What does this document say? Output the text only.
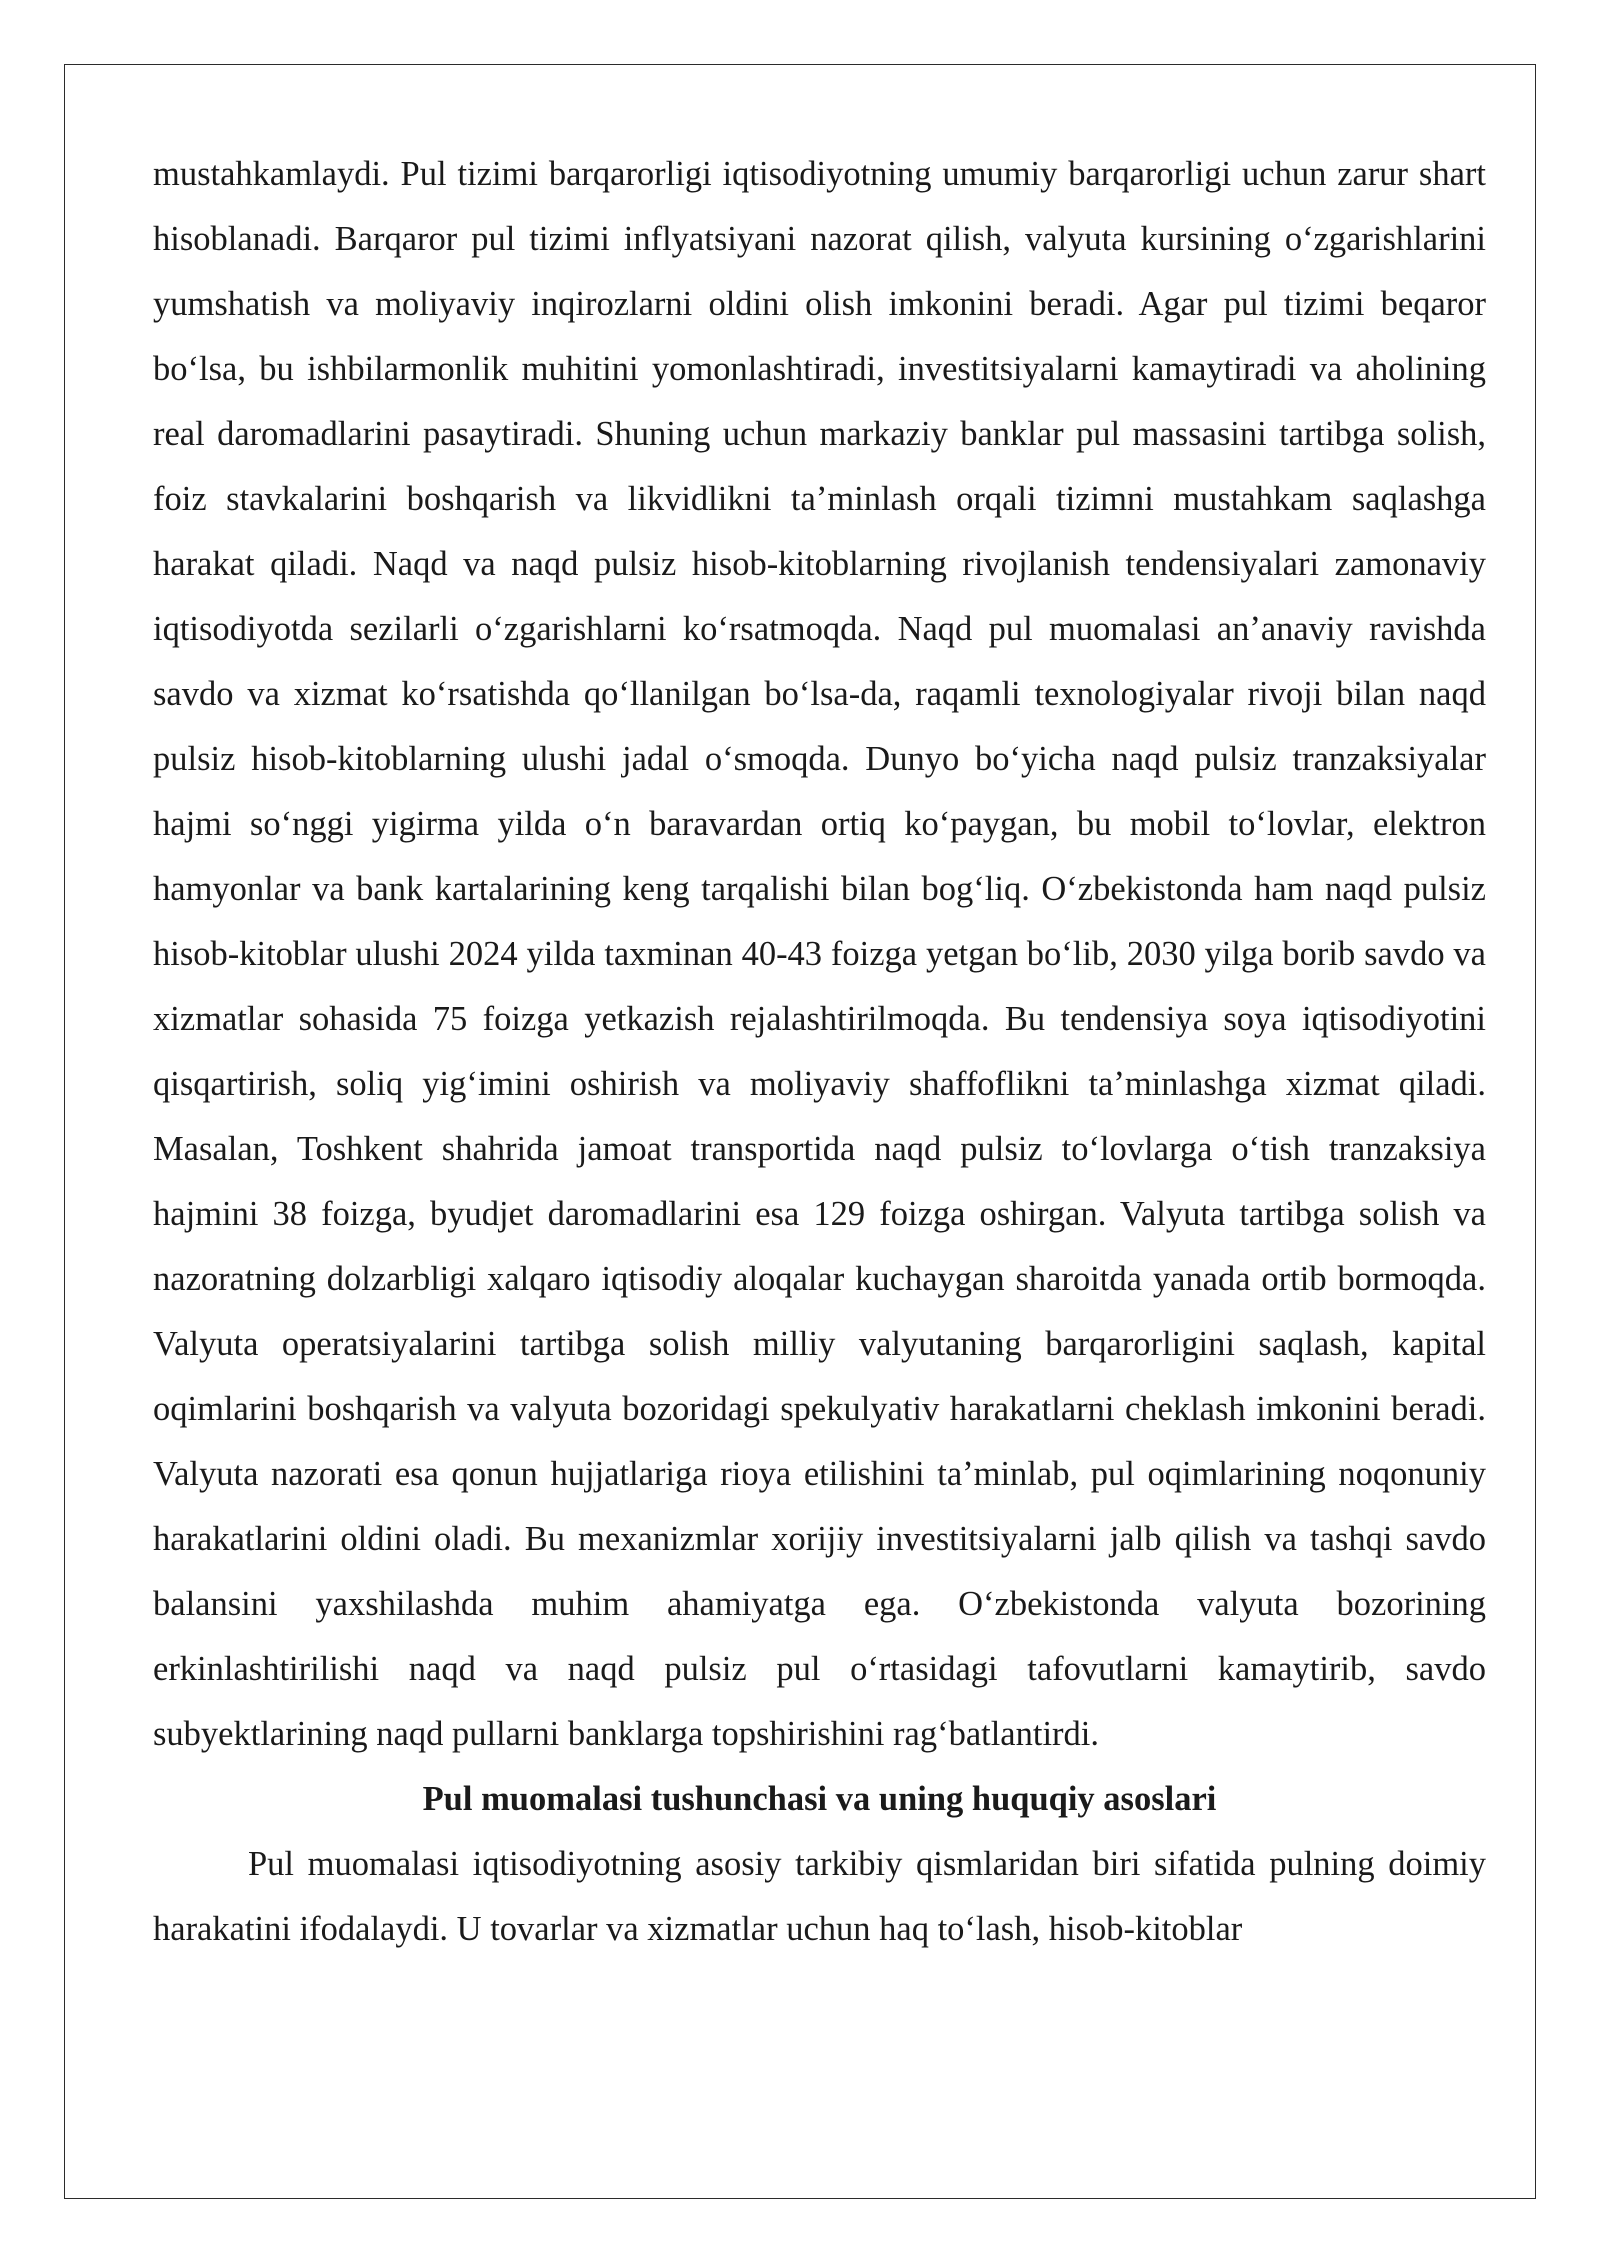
mustahkamlaydi. Pul tizimi barqarorligi iqtisodiyotning umumiy barqarorligi uchun zarur shart hisoblanadi. Barqaror pul tizimi inflyatsiyani nazorat qilish, valyuta kursining oʻzgarishlarini yumshatish va moliyaviy inqirozlarni oldini olish imkonini beradi. Agar pul tizimi beqaror boʻlsa, bu ishbilarmonlik muhitini yomonlashtiradi, investitsiyalarni kamaytiradi va aholining real daromadlarini pasaytiradi. Shuning uchun markaziy banklar pul massasini tartibga solish, foiz stavkalarini boshqarish va likvidlikni taʼminlash orqali tizimni mustahkam saqlashga harakat qiladi. Naqd va naqd pulsiz hisob-kitoblarning rivojlanish tendensiyalari zamonaviy iqtisodiyotda sezilarli oʻzgarishlarni koʻrsatmoqda. Naqd pul muomalasi anʼanaviy ravishda savdo va xizmat koʻrsatishda qoʻllanilgan boʻlsa-da, raqamli texnologiyalar rivoji bilan naqd pulsiz hisob-kitoblarning ulushi jadal oʻsmoqda. Dunyo boʻyicha naqd pulsiz tranzaksiyalar hajmi soʻnggi yigirma yilda oʻn baravardan ortiq koʻpaygan, bu mobil toʻlovlar, elektron hamyonlar va bank kartalarining keng tarqalishi bilan bogʻliq. Oʻzbekistonda ham naqd pulsiz hisob-kitoblar ulushi 2024 yilda taxminan 40-43 foizga yetgan boʻlib, 2030 yilga borib savdo va xizmatlar sohasida 75 foizga yetkazish rejalashtirilmoqda. Bu tendensiya soya iqtisodiyotini qisqartirish, soliq yigʻimini oshirish va moliyaviy shaffoflikni taʼminlashga xizmat qiladi. Masalan, Toshkent shahrida jamoat transportida naqd pulsiz toʻlovlarga oʻtish tranzaksiya hajmini 38 foizga, byudjet daromadlarini esa 129 foizga oshirgan. Valyuta tartibga solish va nazoratning dolzarbligi xalqaro iqtisodiy aloqalar kuchaygan sharoitda yanada ortib bormoqda. Valyuta operatsiyalarini tartibga solish milliy valyutaning barqarorligini saqlash, kapital oqimlarini boshqarish va valyuta bozoridagi spekulyativ harakatlarni cheklash imkonini beradi. Valyuta nazorati esa qonun hujjatlariga rioya etilishini taʼminlab, pul oqimlarining noqonuniy harakatlarini oldini oladi. Bu mexanizmlar xorijiy investitsiyalarni jalb qilish va tashqi savdo balansini yaxshilashda muhim ahamiyatga ega. Oʻzbekistonda valyuta bozorining erkinlashtirilishi naqd va naqd pulsiz pul oʻrtasidagi tafovutlarni kamaytirib, savdo subyektlarining naqd pullarni banklarga topshirishini ragʻbatlantirdi.

Pul muomalasi tushunchasi va uning huquqiy asoslari

Pul muomalasi iqtisodiyotning asosiy tarkibiy qismlaridan biri sifatida pulning doimiy harakatini ifodalaydi. U tovarlar va xizmatlar uchun haq toʻlash, hisob-kitoblar
